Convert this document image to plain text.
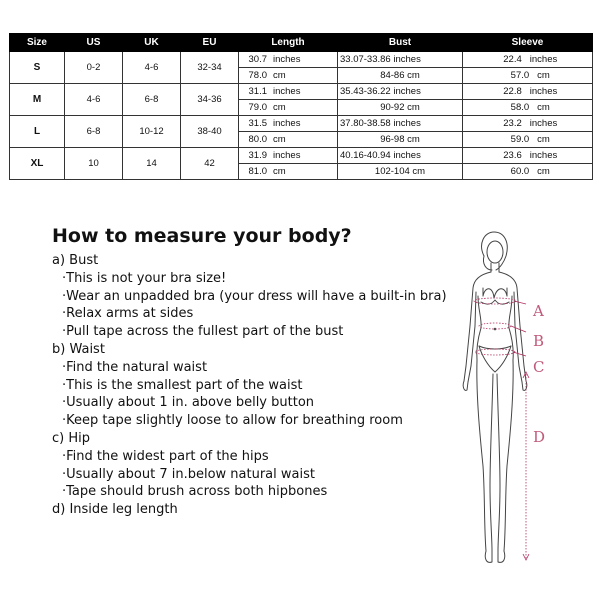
Size	US	UK	EU	Length	Bust	Sleeve
S	0-2	4-6	32-34	30.7 inches	33.07-33.86 inches	22.4 inches
				78.0 cm	84-86 cm	57.0 cm
M	4-6	6-8	34-36	31.1 inches	35.43-36.22 inches	22.8 inches
				79.0 cm	90-92 cm	58.0 cm
L	6-8	10-12	38-40	31.5 inches	37.80-38.58 inches	23.2 inches
				80.0 cm	96-98 cm	59.0 cm
XL	10	14	42	31.9 inches	40.16-40.94 inches	23.6 inches
				81.0 cm	102-104 cm	60.0 cm
How to measure your body?

a) Bust

·This is not your bra size!

·Wear an unpadded bra (your dress will have a built-in bra)

·Relax arms at sides

·Pull tape across the fullest part of the bust

b) Waist

·Find the natural waist

·This is the smallest part of the waist

·Usually about 1 in. above belly button

·Keep tape slightly loose to allow for breathing room

c) Hip

·Find the widest part of the hips

·Usually about 7 in.below natural waist

·Tape should brush across both hipbones

d) Inside leg length

A
B
C
D
